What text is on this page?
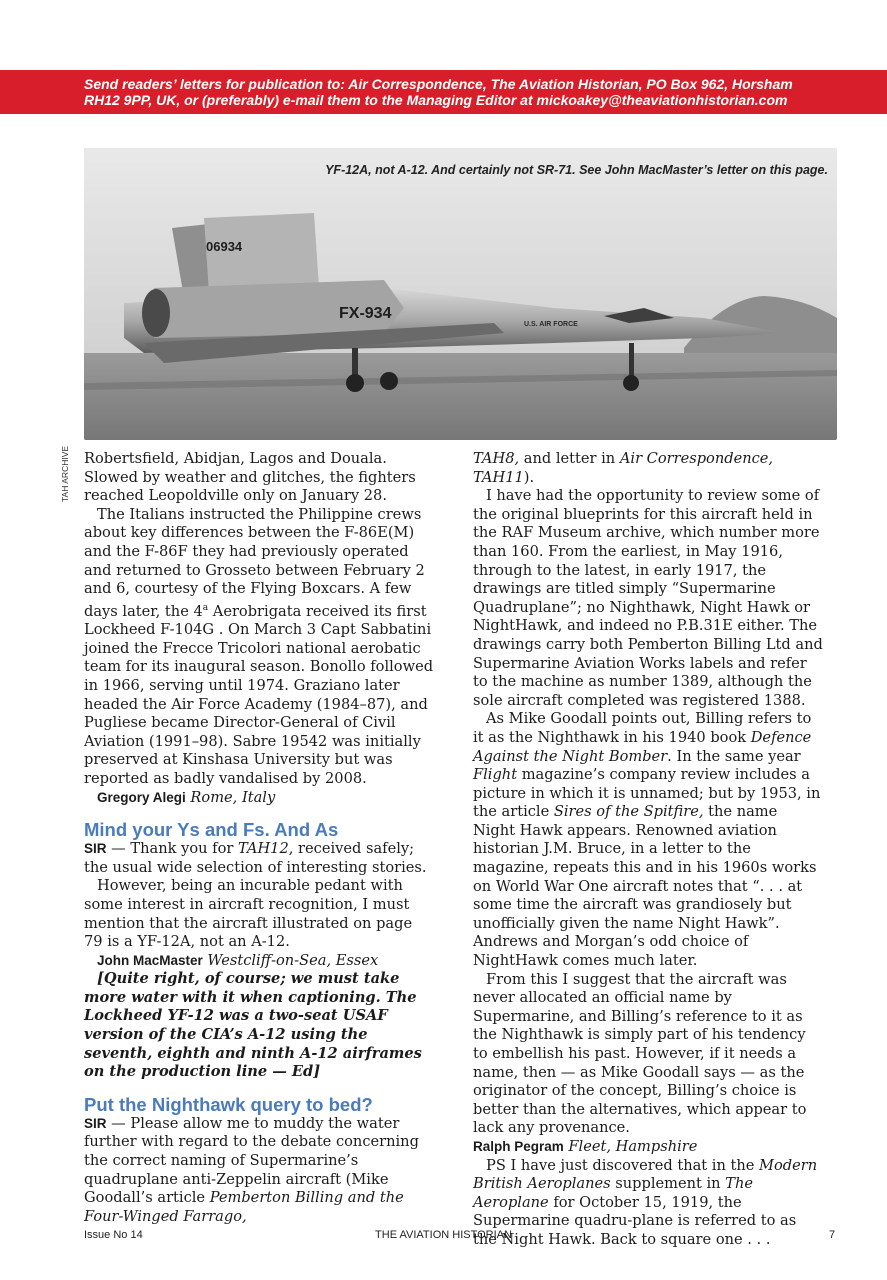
Send readers’ letters for publication to: Air Correspondence, The Aviation Historian, PO Box 962, Horsham
RH12 9PP, UK, or (preferably) e-mail them to the Managing Editor at mickoakey@theaviationhistorian.com

06934
FX-934
U.S. AIR FORCE

YF-12A, not A-12. And certainly not SR-71. See John MacMaster’s letter on this page.

TAH ARCHIVE Robertsfield, Abidjan, Lagos and Douala. Slowed by weather and glitches, the fighters reached Leopoldville only on January 28.

The Italians instructed the Philippine crews about key differences between the F-86E(M) and the F-86F they had previously operated and returned to Grosseto between February 2 and 6, courtesy of the Flying Boxcars. A few days later, the 4$^a$ Aerobrigata received its first Lockheed F-104G . On March 3 Capt Sabbatini joined the Frecce Tricolori national aerobatic team for its inaugural season. Bonollo followed in 1966, serving until 1974. Graziano later headed the Air Force Academy (1984–87), and Pugliese became Director-General of Civil Aviation (1991–98). Sabre 19542 was initially preserved at Kinshasa University but was reported as badly vandalised by 2008.

Gregory Alegi Rome, Italy

Mind your Ys and Fs. And As

SIR — Thank you for TAH12, received safely; the usual wide selection of interesting stories.

However, being an incurable pedant with some interest in aircraft recognition, I must mention that the aircraft illustrated on page 79 is a YF-12A, not an A-12.

John MacMaster Westcliff-on-Sea, Essex

[Quite right, of course; we must take more water with it when captioning. The Lockheed YF-12 was a two-seat USAF version of the CIA’s A-12 using the seventh, eighth and ninth A-12 airframes on the production line — Ed]

Put the Nighthawk query to bed?

SIR — Please allow me to muddy the water further with regard to the debate concerning the correct naming of Supermarine’s quadruplane anti-Zeppelin aircraft (Mike Goodall’s article Pemberton Billing and the Four-Winged Farrago,

TAH8, and letter in Air Correspondence, TAH11).

I have had the opportunity to review some of the original blueprints for this aircraft held in the RAF Museum archive, which number more than 160. From the earliest, in May 1916, through to the latest, in early 1917, the drawings are titled simply “Supermarine Quadruplane”; no Nighthawk, Night Hawk or NightHawk, and indeed no P.B.31E either. The drawings carry both Pemberton Billing Ltd and Supermarine Aviation Works labels and refer to the machine as number 1389, although the sole aircraft completed was registered 1388.

As Mike Goodall points out, Billing refers to it as the Nighthawk in his 1940 book Defence Against the Night Bomber. In the same year Flight magazine’s company review includes a picture in which it is unnamed; but by 1953, in the article Sires of the Spitfire, the name Night Hawk appears. Renowned aviation historian J.M. Bruce, in a letter to the magazine, repeats this and in his 1960s works on World War One aircraft notes that “. . . at some time the aircraft was grandiosely but unofficially given the name Night Hawk”. Andrews and Morgan’s odd choice of NightHawk comes much later.

From this I suggest that the aircraft was never allocated an official name by Supermarine, and Billing’s reference to it as the Nighthawk is simply part of his tendency to embellish his past. However, if it needs a name, then — as Mike Goodall says — as the originator of the concept, Billing’s choice is better than the alternatives, which appear to lack any provenance.

Ralph Pegram Fleet, Hampshire

PS I have just discovered that in the Modern British Aeroplanes supplement in The Aeroplane for October 15, 1919, the Supermarine quadru-plane is referred to as the Night Hawk. Back to square one . . .

Issue No 14	THE AVIATION HISTORIAN	7
